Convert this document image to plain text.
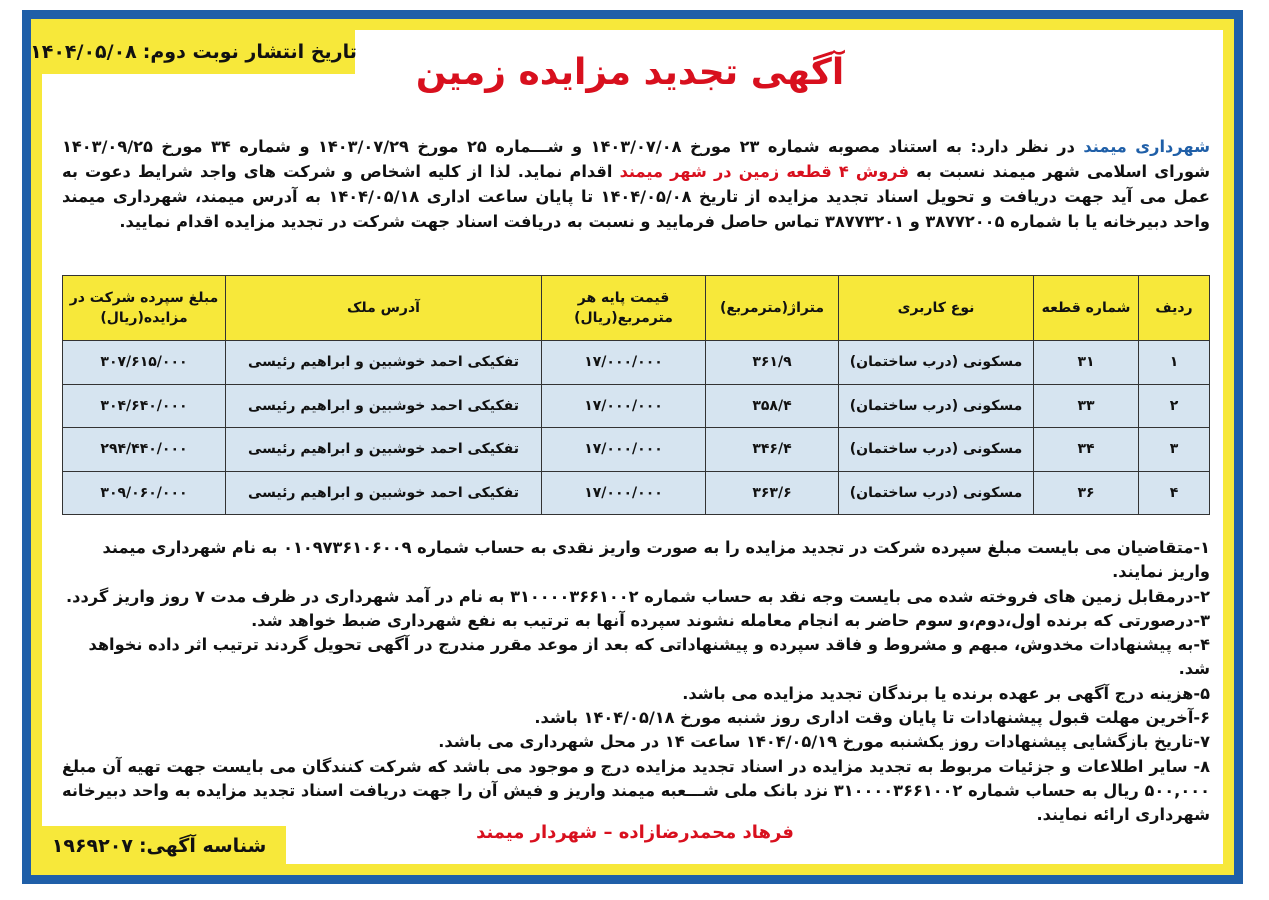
تاریخ انتشار نوبت دوم:
۱۴۰۴/۰۵/۰۸	آگهی تجدید مزایده زمین
شهرداری میمند در نظر دارد: به استناد مصوبه شماره ۲۳ مورخ ۱۴۰۳/۰۷/۰۸ و شـــماره ۲۵ مورخ ۱۴۰۳/۰۷/۲۹ و شماره ۳۴ مورخ ۱۴۰۳/۰۹/۲۵ شورای اسلامی شهر میمند نسبت به فروش ۴ قطعه زمین در شهر میمند اقدام نماید. لذا از کلیه اشخاص و شرکت های واجد شرایط دعوت به عمل می آید جهت دریافت و تحویل اسناد تجدید مزایده از تاریخ ۱۴۰۴/۰۵/۰۸ تا پایان ساعت اداری ۱۴۰۴/۰۵/۱۸ به آدرس میمند، شهرداری میمند واحد دبیرخانه یا با شماره ۳۸۷۷۲۰۰۵ و ۳۸۷۷۳۲۰۱ تماس حاصل فرمایید و نسبت به دریافت اسناد جهت شرکت در تجدید مزایده اقدام نمایید.
ردیف	شماره قطعه	نوع کاربری	متراژ(مترمربع)	قیمت پایه هر مترمربع(ریال)	آدرس ملک	مبلغ سپرده شرکت در مزایده(ریال)
۱	۳۱	مسکونی (درب ساختمان)	۳۶۱/۹	۱۷/۰۰۰/۰۰۰	تفکیکی احمد خوشبین و ابراهیم رئیسی	۳۰۷/۶۱۵/۰۰۰
۲	۳۳	مسکونی (درب ساختمان)	۳۵۸/۴	۱۷/۰۰۰/۰۰۰	تفکیکی احمد خوشبین و ابراهیم رئیسی	۳۰۴/۶۴۰/۰۰۰
۳	۳۴	مسکونی (درب ساختمان)	۳۴۶/۴	۱۷/۰۰۰/۰۰۰	تفکیکی احمد خوشبین و ابراهیم رئیسی	۲۹۴/۴۴۰/۰۰۰
۴	۳۶	مسکونی (درب ساختمان)	۳۶۳/۶	۱۷/۰۰۰/۰۰۰	تفکیکی احمد خوشبین و ابراهیم رئیسی	۳۰۹/۰۶۰/۰۰۰

۱-متقاضیان می بایست مبلغ سپرده شرکت در تجدید مزایده را به صورت واریز نقدی به حساب شماره ۰۱۰۹۷۳۶۱۰۶۰۰۹ به نام شهرداری میمند واریز نمایند.

۲-درمقابل زمین های فروخته شده می بایست وجه نقد به حساب شماره ۳۱۰۰۰۰۳۶۶۱۰۰۲ به نام در آمد شهرداری در ظرف مدت ۷ روز واریز گردد.

۳-درصورتی که برنده اول،دوم،و سوم حاضر به انجام معامله نشوند سپرده آنها به ترتیب به نفع شهرداری ضبط خواهد شد.

۴-به پیشنهادات مخدوش، مبهم و مشروط و فاقد سپرده و پیشنهاداتی که بعد از موعد مقرر مندرج در آگهی تحویل گردند ترتیب اثر داده نخواهد شد.

۵-هزینه درج آگهی بر عهده برنده یا برندگان تجدید مزایده می باشد.

۶-آخرین مهلت قبول پیشنهادات تا پایان وقت اداری روز شنبه مورخ ۱۴۰۴/۰۵/۱۸ باشد.

۷-تاریخ بازگشایی پیشنهادات روز یکشنبه مورخ ۱۴۰۴/۰۵/۱۹ ساعت ۱۴ در محل شهرداری می باشد.

۸- سایر اطلاعات و جزئیات مربوط به تجدید مزایده در اسناد تجدید مزایده درج و موجود می باشد که شرکت کنندگان می بایست جهت تهیه آن مبلغ ۵۰۰,۰۰۰ ریال به حساب شماره ۳۱۰۰۰۰۳۶۶۱۰۰۲ نزد بانک ملی شـــعبه میمند واریز و فیش آن را جهت دریافت اسناد تجدید مزایده به واحد دبیرخانه شهرداری ارائه نمایند.

فرهاد محمدرضازاده – شهردار میمند
شناسه آگهی:
۱۹۶۹۲۰۷
